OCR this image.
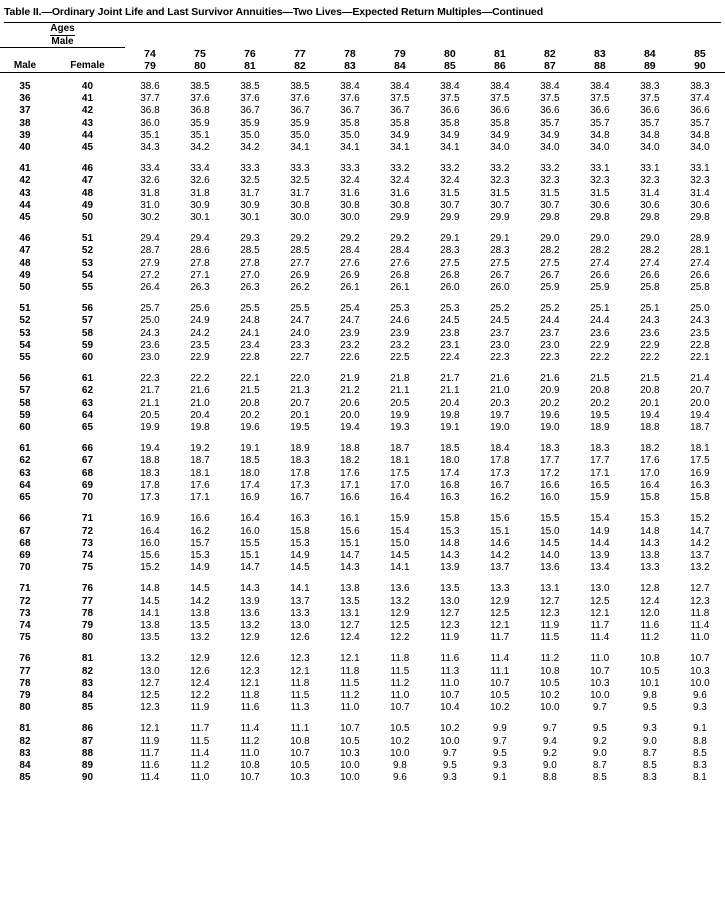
Table II.—Ordinary Joint Life and Last Survivor Annuities—Two Lives—Expected Return Multiples—Continued
Ages													
Male													
		74	75	76	77	78	79	80	81	82	83	84	85
Male	Female	79	80	81	82	83	84	85	86	87	88	89	90

35	40	38.6	38.5	38.5	38.5	38.4	38.4	38.4	38.4	38.4	38.4	38.3	38.3
36	41	37.7	37.6	37.6	37.6	37.6	37.5	37.5	37.5	37.5	37.5	37.5	37.4
37	42	36.8	36.8	36.7	36.7	36.7	36.7	36.6	36.6	36.6	36.6	36.6	36.6
38	43	36.0	35.9	35.9	35.9	35.8	35.8	35.8	35.8	35.7	35.7	35.7	35.7
39	44	35.1	35.1	35.0	35.0	35.0	34.9	34.9	34.9	34.9	34.8	34.8	34.8
40	45	34.3	34.2	34.2	34.1	34.1	34.1	34.1	34.0	34.0	34.0	34.0	34.0

41	46	33.4	33.4	33.3	33.3	33.3	33.2	33.2	33.2	33.2	33.1	33.1	33.1
42	47	32.6	32.6	32.5	32.5	32.4	32.4	32.4	32.3	32.3	32.3	32.3	32.3
43	48	31.8	31.8	31.7	31.7	31.6	31.6	31.5	31.5	31.5	31.5	31.4	31.4
44	49	31.0	30.9	30.9	30.8	30.8	30.8	30.7	30.7	30.7	30.6	30.6	30.6
45	50	30.2	30.1	30.1	30.0	30.0	29.9	29.9	29.9	29.8	29.8	29.8	29.8

46	51	29.4	29.4	29.3	29.2	29.2	29.2	29.1	29.1	29.0	29.0	29.0	28.9
47	52	28.7	28.6	28.5	28.5	28.4	28.4	28.3	28.3	28.2	28.2	28.2	28.1
48	53	27.9	27.8	27.8	27.7	27.6	27.6	27.5	27.5	27.5	27.4	27.4	27.4
49	54	27.2	27.1	27.0	26.9	26.9	26.8	26.8	26.7	26.7	26.6	26.6	26.6
50	55	26.4	26.3	26.3	26.2	26.1	26.1	26.0	26.0	25.9	25.9	25.8	25.8

51	56	25.7	25.6	25.5	25.5	25.4	25.3	25.3	25.2	25.2	25.1	25.1	25.0
52	57	25.0	24.9	24.8	24.7	24.7	24.6	24.5	24.5	24.4	24.4	24.3	24.3
53	58	24.3	24.2	24.1	24.0	23.9	23.9	23.8	23.7	23.7	23.6	23.6	23.5
54	59	23.6	23.5	23.4	23.3	23.2	23.2	23.1	23.0	23.0	22.9	22.9	22.8
55	60	23.0	22.9	22.8	22.7	22.6	22.5	22.4	22.3	22.3	22.2	22.2	22.1

56	61	22.3	22.2	22.1	22.0	21.9	21.8	21.7	21.6	21.6	21.5	21.5	21.4
57	62	21.7	21.6	21.5	21.3	21.2	21.1	21.1	21.0	20.9	20.8	20.8	20.7
58	63	21.1	21.0	20.8	20.7	20.6	20.5	20.4	20.3	20.2	20.2	20.1	20.0
59	64	20.5	20.4	20.2	20.1	20.0	19.9	19.8	19.7	19.6	19.5	19.4	19.4
60	65	19.9	19.8	19.6	19.5	19.4	19.3	19.1	19.0	19.0	18.9	18.8	18.7

61	66	19.4	19.2	19.1	18.9	18.8	18.7	18.5	18.4	18.3	18.3	18.2	18.1
62	67	18.8	18.7	18.5	18.3	18.2	18.1	18.0	17.8	17.7	17.7	17.6	17.5
63	68	18.3	18.1	18.0	17.8	17.6	17.5	17.4	17.3	17.2	17.1	17.0	16.9
64	69	17.8	17.6	17.4	17.3	17.1	17.0	16.8	16.7	16.6	16.5	16.4	16.3
65	70	17.3	17.1	16.9	16.7	16.6	16.4	16.3	16.2	16.0	15.9	15.8	15.8

66	71	16.9	16.6	16.4	16.3	16.1	15.9	15.8	15.6	15.5	15.4	15.3	15.2
67	72	16.4	16.2	16.0	15.8	15.6	15.4	15.3	15.1	15.0	14.9	14.8	14.7
68	73	16.0	15.7	15.5	15.3	15.1	15.0	14.8	14.6	14.5	14.4	14.3	14.2
69	74	15.6	15.3	15.1	14.9	14.7	14.5	14.3	14.2	14.0	13.9	13.8	13.7
70	75	15.2	14.9	14.7	14.5	14.3	14.1	13.9	13.7	13.6	13.4	13.3	13.2

71	76	14.8	14.5	14.3	14.1	13.8	13.6	13.5	13.3	13.1	13.0	12.8	12.7
72	77	14.5	14.2	13.9	13.7	13.5	13.2	13.0	12.9	12.7	12.5	12.4	12.3
73	78	14.1	13.8	13.6	13.3	13.1	12.9	12.7	12.5	12.3	12.1	12.0	11.8
74	79	13.8	13.5	13.2	13.0	12.7	12.5	12.3	12.1	11.9	11.7	11.6	11.4
75	80	13.5	13.2	12.9	12.6	12.4	12.2	11.9	11.7	11.5	11.4	11.2	11.0

76	81	13.2	12.9	12.6	12.3	12.1	11.8	11.6	11.4	11.2	11.0	10.8	10.7
77	82	13.0	12.6	12.3	12.1	11.8	11.5	11.3	11.1	10.8	10.7	10.5	10.3
78	83	12.7	12.4	12.1	11.8	11.5	11.2	11.0	10.7	10.5	10.3	10.1	10.0
79	84	12.5	12.2	11.8	11.5	11.2	11.0	10.7	10.5	10.2	10.0	9.8	9.6
80	85	12.3	11.9	11.6	11.3	11.0	10.7	10.4	10.2	10.0	9.7	9.5	9.3

81	86	12.1	11.7	11.4	11.1	10.7	10.5	10.2	9.9	9.7	9.5	9.3	9.1
82	87	11.9	11.5	11.2	10.8	10.5	10.2	10.0	9.7	9.4	9.2	9.0	8.8
83	88	11.7	11.4	11.0	10.7	10.3	10.0	9.7	9.5	9.2	9.0	8.7	8.5
84	89	11.6	11.2	10.8	10.5	10.0	9.8	9.5	9.3	9.0	8.7	8.5	8.3
85	90	11.4	11.0	10.7	10.3	10.0	9.6	9.3	9.1	8.8	8.5	8.3	8.1
